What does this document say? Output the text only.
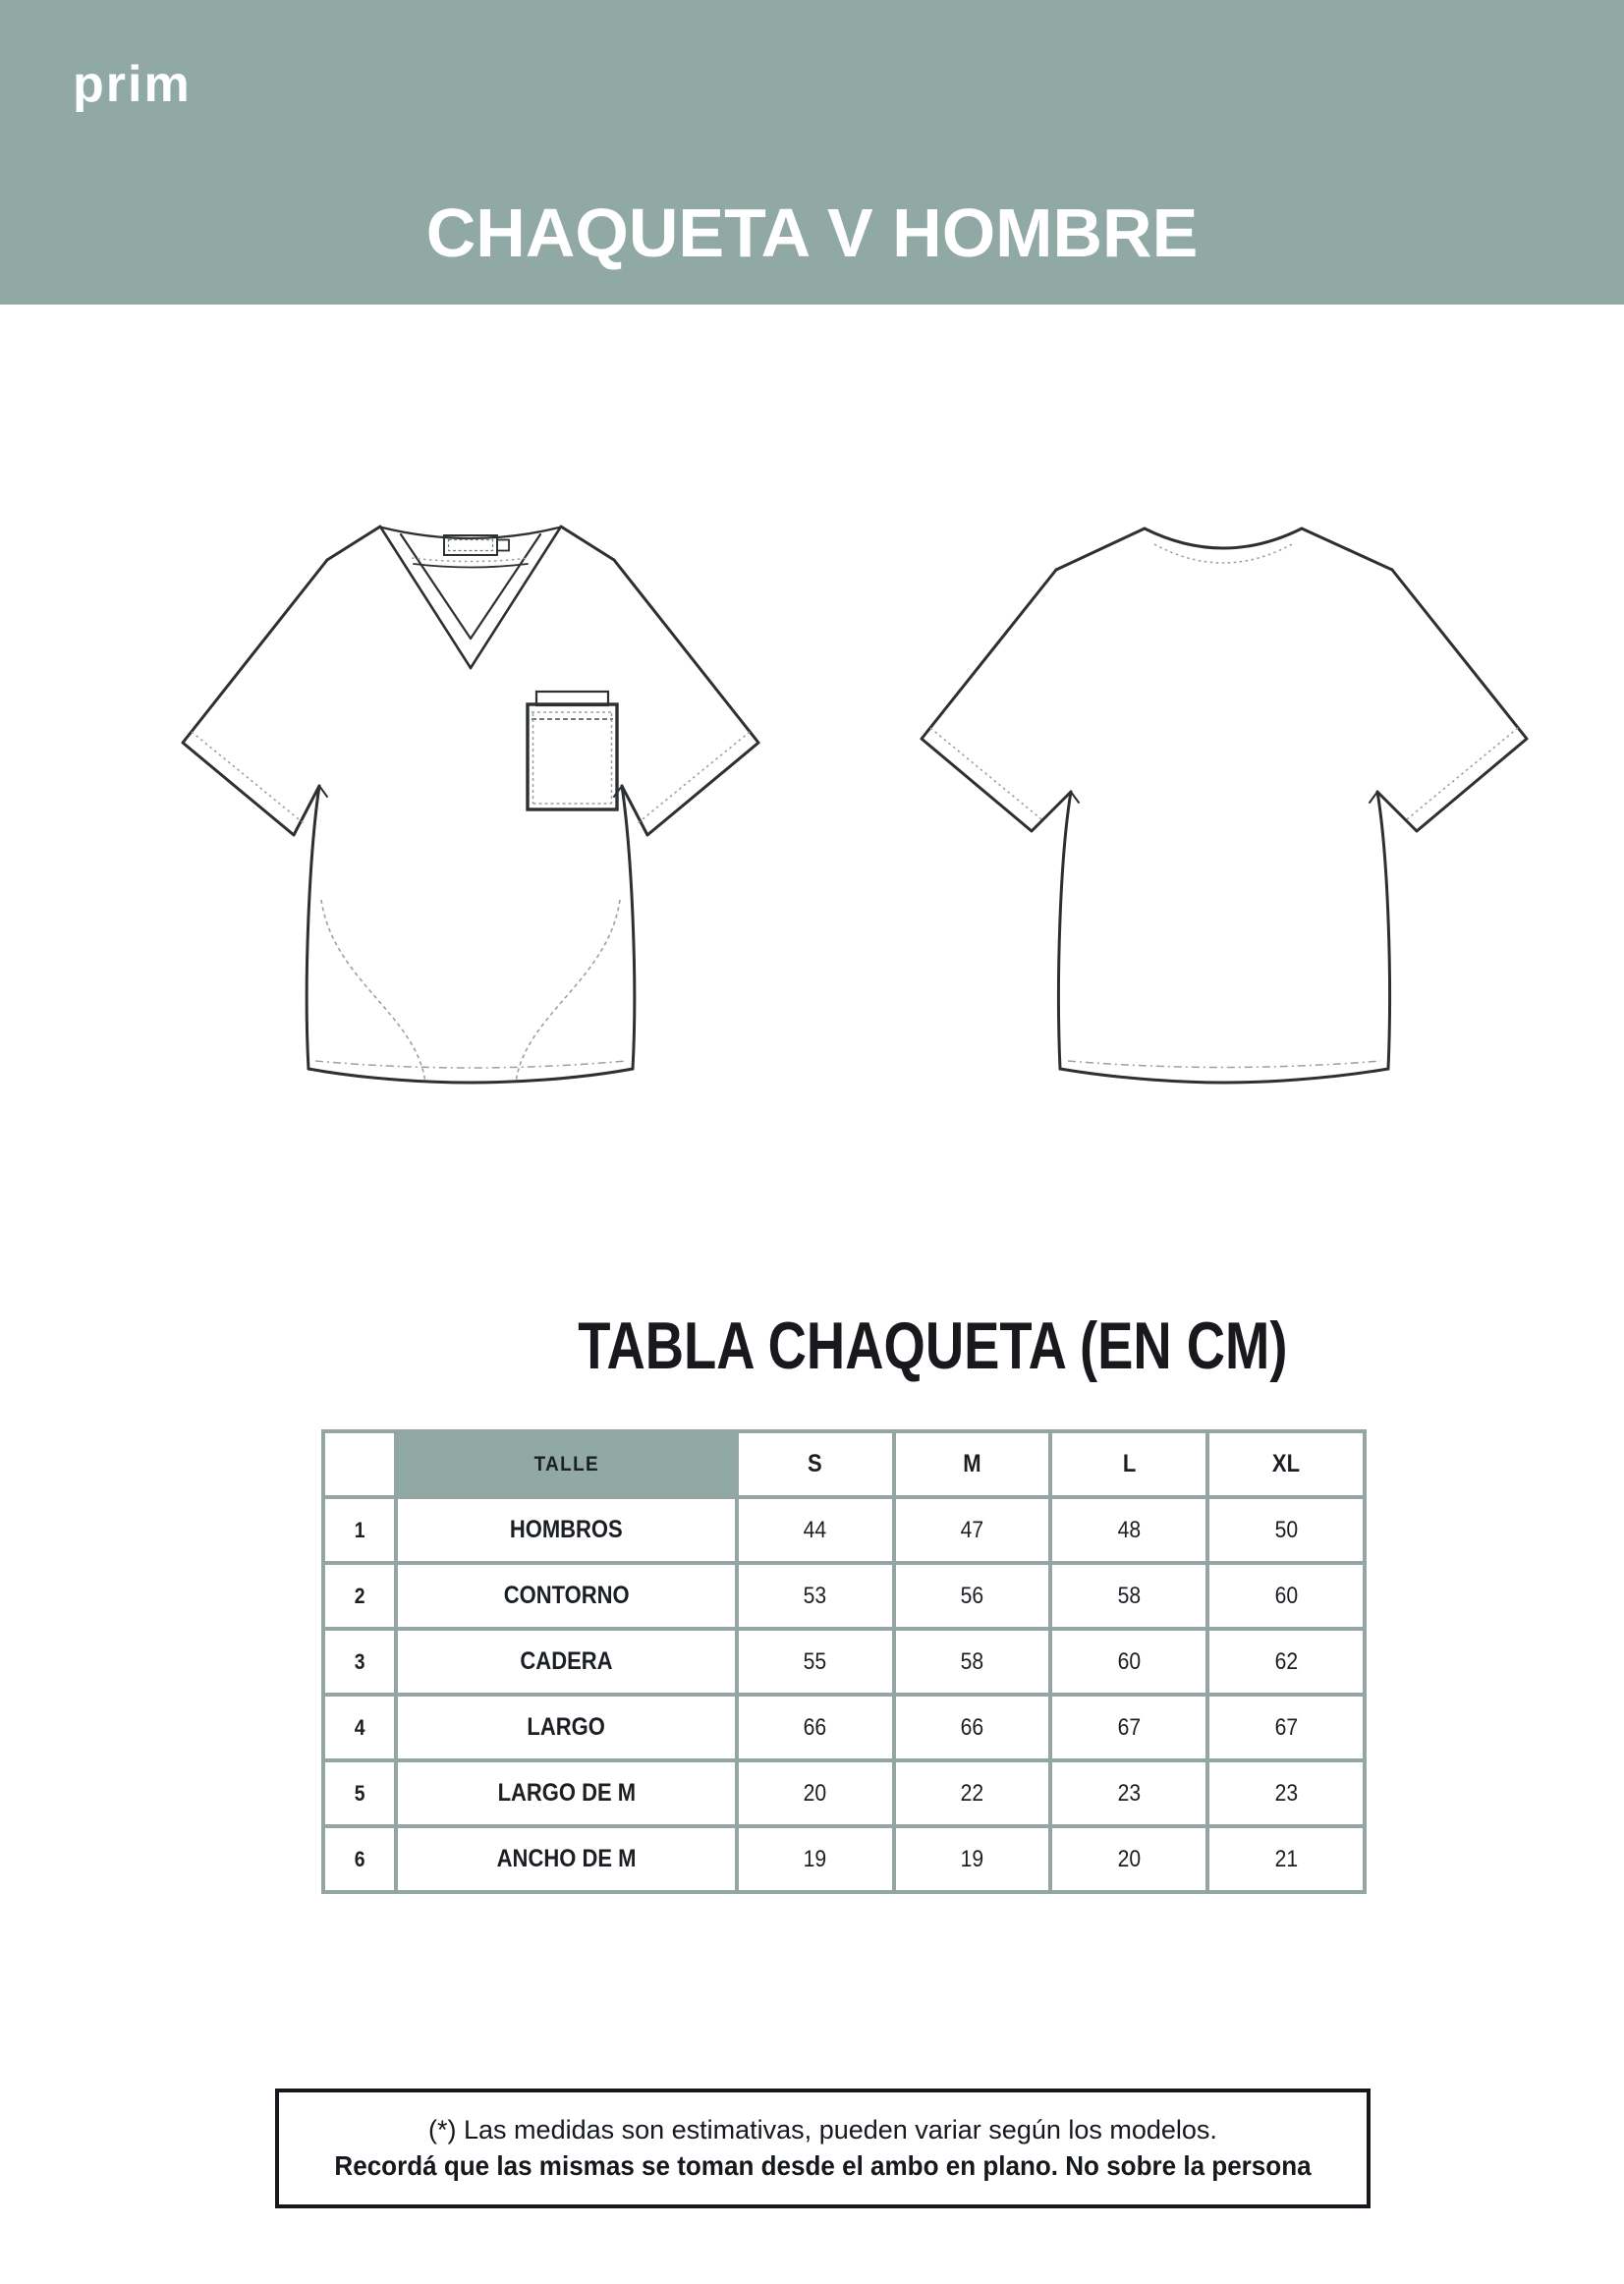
prim
CHAQUETA V HOMBRE
TABLA CHAQUETA (EN CM)
	TALLE	S	M	L	XL
1	HOMBROS	44	47	48	50
2	CONTORNO	53	56	58	60
3	CADERA	55	58	60	62
4	LARGO	66	66	67	67
5	LARGO DE M	20	22	23	23
6	ANCHO DE M	19	19	20	21

(*) Las medidas son estimativas, pueden variar según los modelos.

Recordá que las mismas se toman desde el ambo en plano. No sobre la persona
